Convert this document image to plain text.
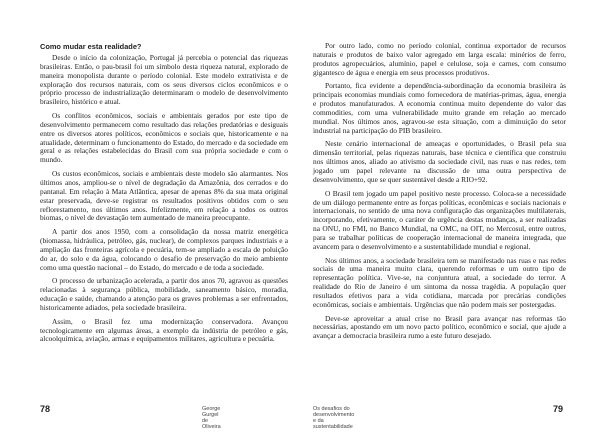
Como mudar esta realidade?

Desde o início da colonização, Portugal já percebia o potencial das riquezas brasileiras. Então, o pau-brasil foi um símbolo desta riqueza natural, explorado de maneira monopolista durante o período colonial. Este modelo extrativista e de exploração dos recursos naturais, com os seus diversos ciclos econômicos e o próprio processo de industrialização determinaram o modelo de desenvolvimento brasileiro, histórico e atual.

Os conflitos econômicos, sociais e ambientais gerados por este tipo de desenvolvimento permanecem como resultado das relações predatórias e desiguais entre os diversos atores políticos, econômicos e sociais que, historicamente e na atualidade, determinam o funcionamento do Estado, do mercado e da sociedade em geral e as relações estabelecidas do Brasil com sua própria sociedade e com o mundo.

Os custos econômicos, sociais e ambientais deste modelo são alarmantes. Nos últimos anos, ampliou-se o nível de degradação da Amazônia, dos cerrados e do pantanal. Em relação à Mata Atlântica, apesar de apenas 8% da sua mata original estar preservada, deve-se registrar os resultados positivos obtidos com o seu reflorestamento, nos últimos anos. Infelizmente, em relação a todos os outros biomas, o nível de devastação tem aumentado de maneira preocupante.

A partir dos anos 1950, com a consolidação da nossa matriz energética (biomassa, hidráulica, petróleo, gás, nuclear), de complexos parques industriais e a ampliação das fronteiras agrícola e pecuária, tem-se ampliado a escala de poluição do ar, do solo e da água, colocando o desafio de preservação do meio ambiente como uma questão nacional – do Estado, do mercado e de toda a sociedade.

O processo de urbanização acelerada, a partir dos anos 70, agravou as questões relacionadas à segurança pública, mobilidade, saneamento básico, moradia, educação e saúde, chamando a atenção para os graves problemas a ser enfrentados, historicamente adiados, pela sociedade brasileira.

Assim, o Brasil fez uma modernização conservadora. Avançou tecnologicamente em algumas áreas, a exemplo da indústria de petróleo e gás, alcoolquímica, aviação, armas e equipamentos militares, agricultura e pecuária.

78	George Gurgel de Oliveira

Por outro lado, como no período colonial, continua exportador de recursos naturais e produtos de baixo valor agregado em larga escala: minérios de ferro, produtos agropecuários, alumínio, papel e celulose, soja e carnes, com consumo gigantesco de água e energia em seus processos produtivos.

Portanto, fica evidente a dependência-subordinação da economia brasileira às principais economias mundiais como fornecedora de matérias-primas, água, energia e produtos manufaturados. A economia continua muito dependente do valor das commodities, com uma vulnerabilidade muito grande em relação ao mercado mundial. Nos últimos anos, agravou-se esta situação, com a diminuição do setor industrial na participação do PIB brasileiro.

Neste cenário internacional de ameaças e oportunidades, o Brasil pela sua dimensão territorial, pelas riquezas naturais, base técnica e científica que construiu nos últimos anos, aliado ao ativismo da sociedade civil, nas ruas e nas redes, tem jogado um papel relevante na discussão de uma outra perspectiva de desenvolvimento, que se quer sustentável desde a RIO+92.

O Brasil tem jogado um papel positivo neste processo. Coloca-se a necessidade de um diálogo permanente entre as forças políticas, econômicas e sociais nacionais e internacionais, no sentido de uma nova configuração das organizações multilaterais, incorporando, efetivamente, o caráter de urgência destas mudanças, a ser realizadas na ONU, no FMI, no Banco Mundial, na OMC, na OIT, no Mercosul, entre outros, para se trabalhar políticas de cooperação internacional de maneira integrada, que avancem para o desenvolvimento e a sustentabilidade mundial e regional.

Nos últimos anos, a sociedade brasileira tem se manifestado nas ruas e nas redes sociais de uma maneira muito clara, querendo reformas e um outro tipo de representação política. Vive-se, na conjuntura atual, a sociedade do terror. A realidade do Rio de Janeiro é um sintoma da nossa tragédia. A população quer resultados efetivos para a vida cotidiana, marcada por precárias condições econômicas, sociais e ambientais. Urgências que não podem mais ser postergadas.

Deve-se aproveitar a atual crise no Brasil para avançar nas reformas tão necessárias, apostando em um novo pacto político, econômico e social, que ajude a avançar a democracia brasileira rumo a este futuro desejado.

Os desafios do desenvolvimento e da sustentabilidade
79
